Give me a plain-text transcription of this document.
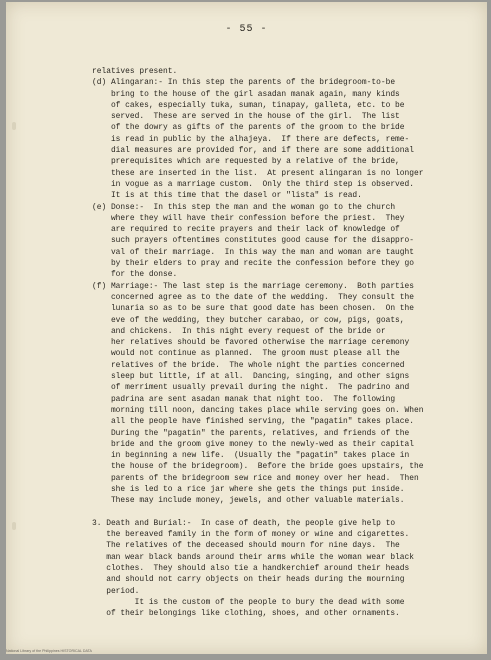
- 55 -
relatives present.
(d) Alingaran:- In this step the parents of the bridegroom-to-be
bring to the house of the girl asadan manak again, many kinds
of cakes, especially tuka, suman, tinapay, galleta, etc. to be
served.  These are served in the house of the girl.  The list
of the dowry as gifts of the parents of the groom to the bride
is read in public by the alhajeya.  If there are defects, reme-
dial measures are provided for, and if there are some additional
prerequisites which are requested by a relative of the bride,
these are inserted in the list.  At present alingaran is no longer
in vogue as a marriage custom.  Only the third step is observed.
It is at this time that the dasel or "lista" is read.
(e) Donse:-  In this step the man and the woman go to the church
where they will have their confession before the priest.  They
are required to recite prayers and their lack of knowledge of
such prayers oftentimes constitutes good cause for the disappro-
val of their marriage.  In this way the man and woman are taught
by their elders to pray and recite the confession before they go
for the donse.
(f) Marriage:- The last step is the marriage ceremony.  Both parties
concerned agree as to the date of the wedding.  They consult the
lunaria so as to be sure that good date has been chosen.  On the
eve of the wedding, they butcher carabao, or cow, pigs, goats,
and chickens.  In this night every request of the bride or
her relatives should be favored otherwise the marriage ceremony
would not continue as planned.  The groom must please all the
relatives of the bride.  The whole night the parties concerned
sleep but little, if at all.  Dancing, singing, and other signs
of merriment usually prevail during the night.  The padrino and
padrina are sent asadan manak that night too.  The following
morning till noon, dancing takes place while serving goes on. When
all the people have finished serving, the "pagatin" takes place.
During the "pagatin" the parents, relatives, and friends of the
bride and the groom give money to the newly-wed as their capital
in beginning a new life.  (Usually the "pagatin" takes place in
the house of the bridegroom).  Before the bride goes upstairs, the
parents of the bridegroom sew rice and money over her head.  Then
she is led to a rice jar where she gets the things put inside.
These may include money, jewels, and other valuable materials.

3. Death and Burial:-  In case of death, the people give help to
the bereaved family in the form of money or wine and cigarettes.
The relatives of the deceased should mourn for nine days.  The
man wear black bands around their arms while the woman wear black
clothes.  They should also tie a handkerchief around their heads
and should not carry objects on their heads during the mourning
period.
It is the custom of the people to bury the dead with some
of their belongings like clothing, shoes, and other ornaments.
National Library of the Philippines HISTORICAL DATA
